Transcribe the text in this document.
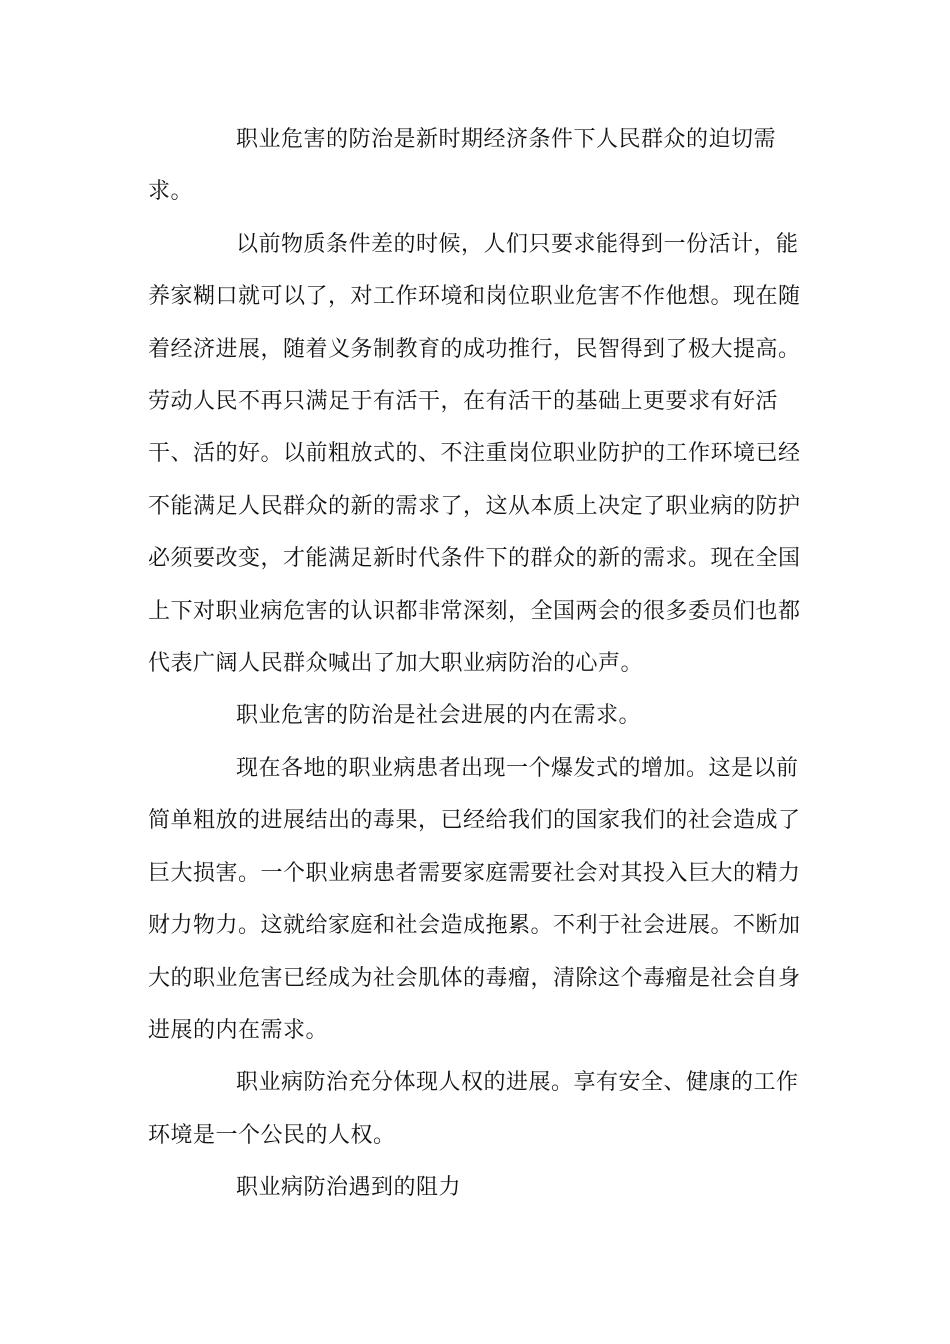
职业危害的防治是新时期经济条件下人民群众的迫切需求。

以前物质条件差的时候，人们只要求能得到一份活计，能养家糊口就可以了，对工作环境和岗位职业危害不作他想。现在随着经济进展，随着义务制教育的成功推行，民智得到了极大提高。劳动人民不再只满足于有活干，在有活干的基础上更要求有好活干、活的好。以前粗放式的、不注重岗位职业防护的工作环境已经不能满足人民群众的新的需求了，这从本质上决定了职业病的防护必须要改变，才能满足新时代条件下的群众的新的需求。现在全国上下对职业病危害的认识都非常深刻，全国两会的很多委员们也都代表广阔人民群众喊出了加大职业病防治的心声。

职业危害的防治是社会进展的内在需求。

现在各地的职业病患者出现一个爆发式的增加。这是以前简单粗放的进展结出的毒果，已经给我们的国家我们的社会造成了巨大损害。一个职业病患者需要家庭需要社会对其投入巨大的精力财力物力。这就给家庭和社会造成拖累。不利于社会进展。不断加大的职业危害已经成为社会肌体的毒瘤，清除这个毒瘤是社会自身进展的内在需求。

职业病防治充分体现人权的进展。享有安全、健康的工作环境是一个公民的人权。

职业病防治遇到的阻力
